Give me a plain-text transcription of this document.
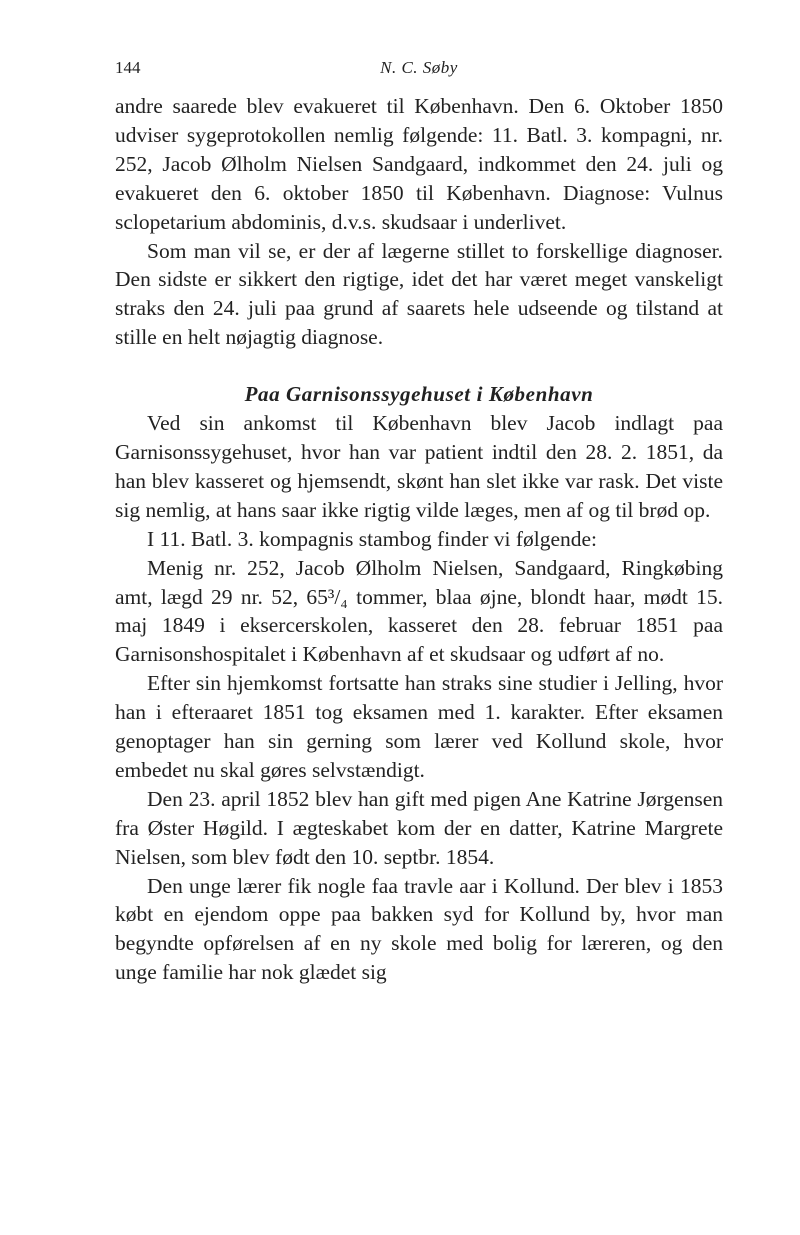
144	N. C. Søby

andre saarede blev evakueret til København. Den 6. Oktober 1850 udviser sygeprotokollen nemlig følgende: 11. Batl. 3. kompagni, nr. 252, Jacob Ølholm Nielsen Sandgaard, indkommet den 24. juli og evakueret den 6. oktober 1850 til København. Diagnose: Vulnus sclopetarium abdominis, d.v.s. skudsaar i underlivet.

Som man vil se, er der af lægerne stillet to forskellige diagnoser. Den sidste er sikkert den rigtige, idet det har været meget vanskeligt straks den 24. juli paa grund af saarets hele udseende og tilstand at stille en helt nøjagtig diagnose.

Paa Garnisonssygehuset i København

Ved sin ankomst til København blev Jacob indlagt paa Garnisonssygehuset, hvor han var patient indtil den 28. 2. 1851, da han blev kasseret og hjemsendt, skønt han slet ikke var rask. Det viste sig nemlig, at hans saar ikke rigtig vilde læges, men af og til brød op.

I 11. Batl. 3. kompagnis stambog finder vi følgende:

Menig nr. 252, Jacob Ølholm Nielsen, Sandgaard, Ringkøbing amt, lægd 29 nr. 52, 65³/₄ tommer, blaa øjne, blondt haar, mødt 15. maj 1849 i eksercerskolen, kasseret den 28. februar 1851 paa Garnisonshospitalet i København af et skudsaar og udført af no.

Efter sin hjemkomst fortsatte han straks sine studier i Jelling, hvor han i efteraaret 1851 tog eksamen med 1. karakter. Efter eksamen genoptager han sin gerning som lærer ved Kollund skole, hvor embedet nu skal gøres selvstændigt.

Den 23. april 1852 blev han gift med pigen Ane Katrine Jørgensen fra Øster Høgild. I ægteskabet kom der en datter, Katrine Margrete Nielsen, som blev født den 10. septbr. 1854.

Den unge lærer fik nogle faa travle aar i Kollund. Der blev i 1853 købt en ejendom oppe paa bakken syd for Kollund by, hvor man begyndte opførelsen af en ny skole med bolig for læreren, og den unge familie har nok glædet sig
